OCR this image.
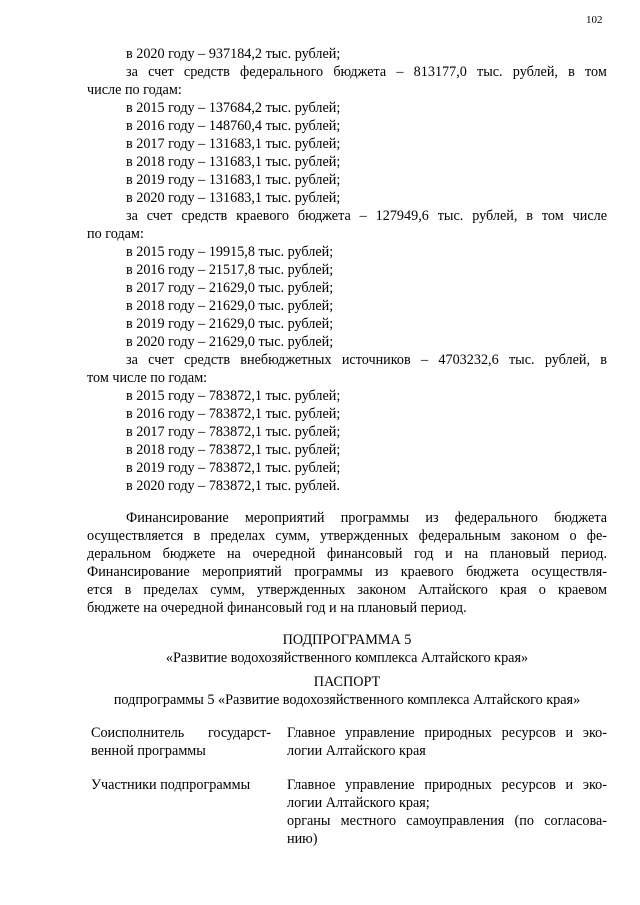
102
в 2020 году – 937184,2 тыс. рублей;
за счет средств федерального бюджета – 813177,0 тыс. рублей, в том
числе по годам:
в 2015 году – 137684,2 тыс. рублей;
в 2016 году – 148760,4 тыс. рублей;
в 2017 году – 131683,1 тыс. рублей;
в 2018 году – 131683,1 тыс. рублей;
в 2019 году – 131683,1 тыс. рублей;
в 2020 году – 131683,1 тыс. рублей;
за счет средств краевого бюджета – 127949,6 тыс. рублей, в том числе
по годам:
в 2015 году – 19915,8 тыс. рублей;
в 2016 году – 21517,8 тыс. рублей;
в 2017 году – 21629,0 тыс. рублей;
в 2018 году – 21629,0 тыс. рублей;
в 2019 году – 21629,0 тыс. рублей;
в 2020 году – 21629,0 тыс. рублей;
за счет средств внебюджетных источников – 4703232,6 тыс. рублей, в
том числе по годам:
в 2015 году – 783872,1 тыс. рублей;
в 2016 году – 783872,1 тыс. рублей;
в 2017 году – 783872,1 тыс. рублей;
в 2018 году – 783872,1 тыс. рублей;
в 2019 году – 783872,1 тыс. рублей;
в 2020 году – 783872,1 тыс. рублей.
Финансирование мероприятий программы из федерального бюджета
осуществляется в пределах сумм, утвержденных федеральным законом о фе-
деральном бюджете на очередной финансовый год и на плановый период.
Финансирование мероприятий программы из краевого бюджета осуществля-
ется в пределах сумм, утвержденных законом Алтайского края о краевом
бюджете на очередной финансовый год и на плановый период.
ПОДПРОГРАММА 5
«Развитие водохозяйственного комплекса Алтайского края»
ПАСПОРТ
подпрограммы 5 «Развитие водохозяйственного комплекса Алтайского края»
Соисполнитель государст-
венной программы
Главное управление природных ресурсов и эко-
логии Алтайского края
Участники подпрограммы	Главное управление природных ресурсов и эко-
логии Алтайского края;
органы местного самоуправления (по согласова-
нию)
